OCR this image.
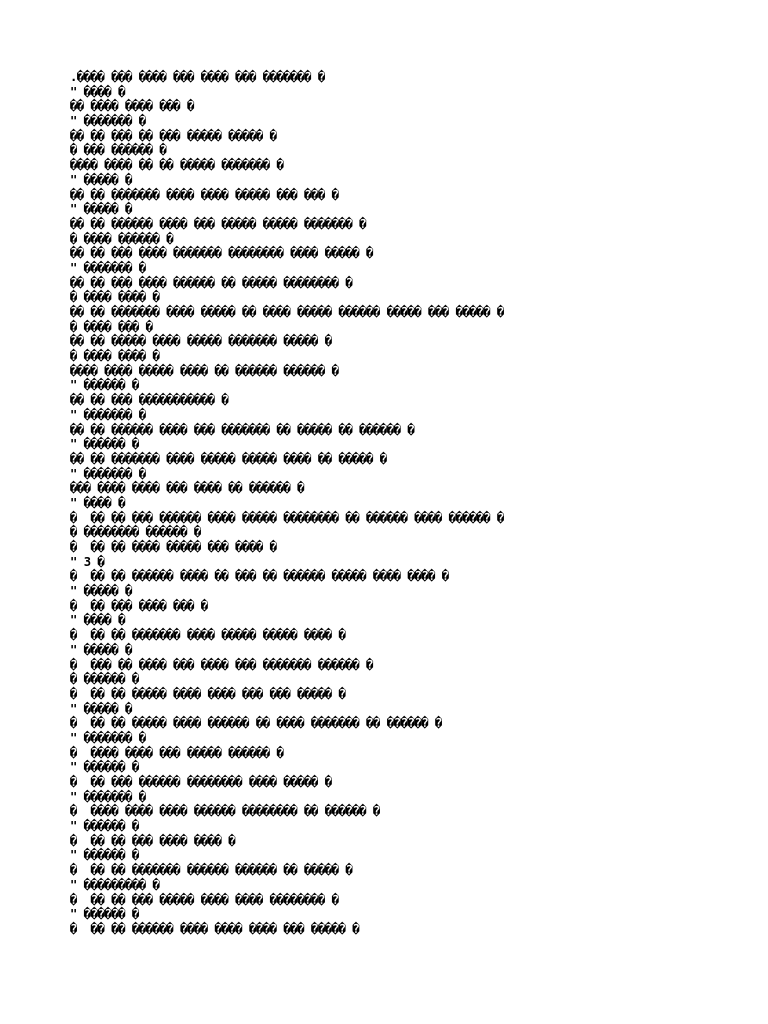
.���� ��� ���� ��� ���� ��� ������� �
" ���� �
�� ���� ���� ��� �
" ������� �
�� �� ��� �� ��� ����� ����� �
� ��� ������ �
���� ���� �� �� ����� ������� �
" ����� �
�� �� ������� ���� ���� ����� ��� ��� �
" ����� �
�� �� ������ ���� ��� ����� ����� ������� �
� ���� ������ �
�� �� ��� ���� ������� �������� ���� ����� �
" ������� �
�� �� ��� ���� ������ �� ����� �������� �
� ���� ���� �
�� �� ������� ���� ����� �� ���� ����� ������ ����� ��� ����� �
� ���� ��� �
�� �� ����� ���� ����� ������� ����� �
� ���� ���� �
���� ���� ����� ���� �� ������ ������ �
" ������ �
�� �� ��� ����������� �
" ������� �
�� �� ������ ���� ��� ������� �� ����� �� ������ �
" ������ �
�� �� ������� ���� ����� ����� ���� �� ����� �
" ������� �
��� ���� ���� ��� ���� �� ������ �
" ���� �
�  �� �� ��� ������ ���� ����� �������� �� ������ ���� ������ �
� �������� ������ �
�  �� �� ���� ����� ��� ���� �
" 3 �
�  �� �� ������ ���� �� ��� �� ������ ����� ���� ���� �
" ����� �
�  �� ��� ���� ��� �
" ���� �
�  �� �� ������� ���� ����� ����� ���� �
" ����� �
�  ��� �� ���� ��� ���� ��� ������� ������ �
� ������ �
�  �� �� ����� ���� ���� ��� ��� ����� �
" ����� �
�  �� �� ����� ���� ������ �� ���� ������� �� ������ �
" ������� �
�  ���� ���� ��� ����� ������ �
" ������ �
�  �� ��� ������ �������� ���� ����� �
" ������� �
�  ���� ���� ���� ������ �������� �� ������ �
" ������ �
�  �� �� ��� ���� ���� �
" ������ �
�  �� �� ������� ������ ������ �� ����� �
" ��������� �
�  �� �� ��� ����� ���� ���� �������� �
" ������ �
�  �� �� ������ ���� ���� ���� ��� ����� �
